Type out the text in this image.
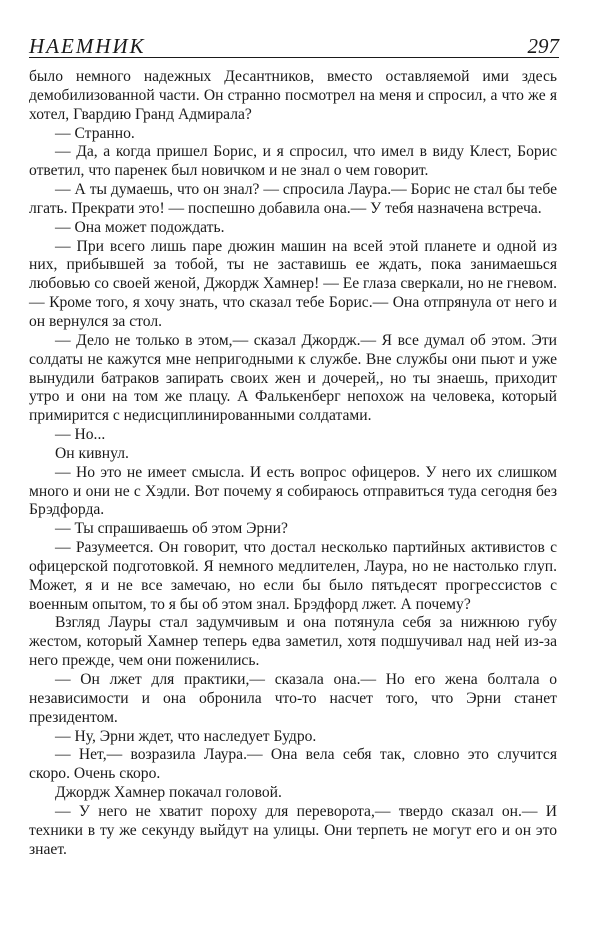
НАЕМНИК	297

было немного надежных Десантников, вместо оставляемой ими здесь демобилизованной части. Он странно посмотрел на меня и спросил, а что же я хотел, Гвардию Гранд Адмирала?

— Странно.

— Да, а когда пришел Борис, и я спросил, что имел в виду Клест, Борис ответил, что паренек был новичком и не знал о чем говорит.

— А ты думаешь, что он знал? — спросила Лаура.— Борис не стал бы тебе лгать. Прекрати это! — поспешно добавила она.— У тебя назначена встреча.

— Она может подождать.

— При всего лишь паре дюжин машин на всей этой планете и одной из них, прибывшей за тобой, ты не заставишь ее ждать, пока занимаешься любовью со своей женой, Джордж Хамнер! — Ее глаза сверкали, но не гневом.— Кроме того, я хочу знать, что сказал тебе Борис.— Она отпрянула от него и он вернулся за стол.

— Дело не только в этом,— сказал Джордж.— Я все думал об этом. Эти солдаты не кажутся мне непригодными к службе. Вне службы они пьют и уже вынудили батраков запирать своих жен и дочерей,, но ты знаешь, приходит утро и они на том же плацу. А Фалькенберг непохож на человека, который примирится с недисциплинированными солдатами.

— Но...

Он кивнул.

— Но это не имеет смысла. И есть вопрос офицеров. У него их слишком много и они не с Хэдли. Вот почему я собираюсь отправиться туда сегодня без Брэдфорда.

— Ты спрашиваешь об этом Эрни?

— Разумеется. Он говорит, что достал несколько партийных активистов с офицерской подготовкой. Я немного медлителен, Лаура, но не настолько глуп. Может, я и не все замечаю, но если бы было пятьдесят прогрессистов с военным опытом, то я бы об этом знал. Брэдфорд лжет. А почему?

Взгляд Лауры стал задумчивым и она потянула себя за нижнюю губу жестом, который Хамнер теперь едва заметил, хотя подшучивал над ней из-за него прежде, чем они поженились.

— Он лжет для практики,— сказала она.— Но его жена болтала о независимости и она обронила что-то насчет того, что Эрни станет президентом.

— Ну, Эрни ждет, что наследует Будро.

— Нет,— возразила Лаура.— Она вела себя так, словно это случится скоро. Очень скоро.

Джордж Хамнер покачал головой.

— У него не хватит пороху для переворота,— твердо сказал он.— И техники в ту же секунду выйдут на улицы. Они терпеть не могут его и он это знает.
